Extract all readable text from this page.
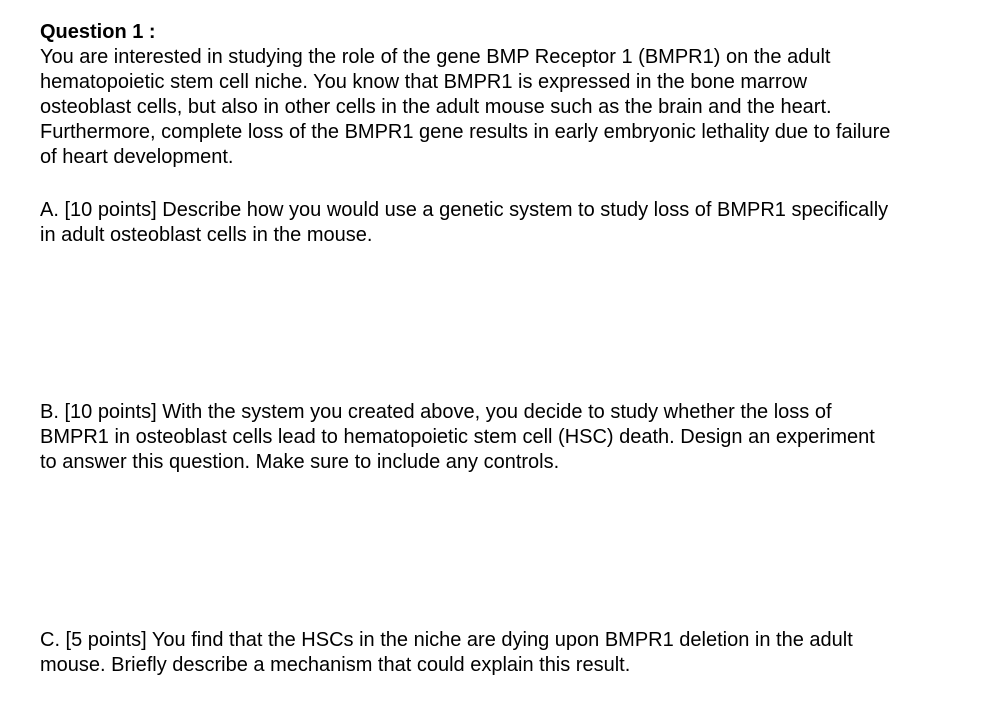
Question 1 :

You are interested in studying the role of the gene BMP Receptor 1 (BMPR1) on the adult

hematopoietic stem cell niche. You know that BMPR1 is expressed in the bone marrow

osteoblast cells, but also in other cells in the adult mouse such as the brain and the heart.

Furthermore, complete loss of the BMPR1 gene results in early embryonic lethality due to failure

of heart development.

A. [10 points] Describe how you would use a genetic system to study loss of BMPR1 specifically

in adult osteoblast cells in the mouse.

B. [10 points] With the system you created above, you decide to study whether the loss of

BMPR1 in osteoblast cells lead to hematopoietic stem cell (HSC) death. Design an experiment

to answer this question. Make sure to include any controls.

C. [5 points] You find that the HSCs in the niche are dying upon BMPR1 deletion in the adult

mouse. Briefly describe a mechanism that could explain this result.
